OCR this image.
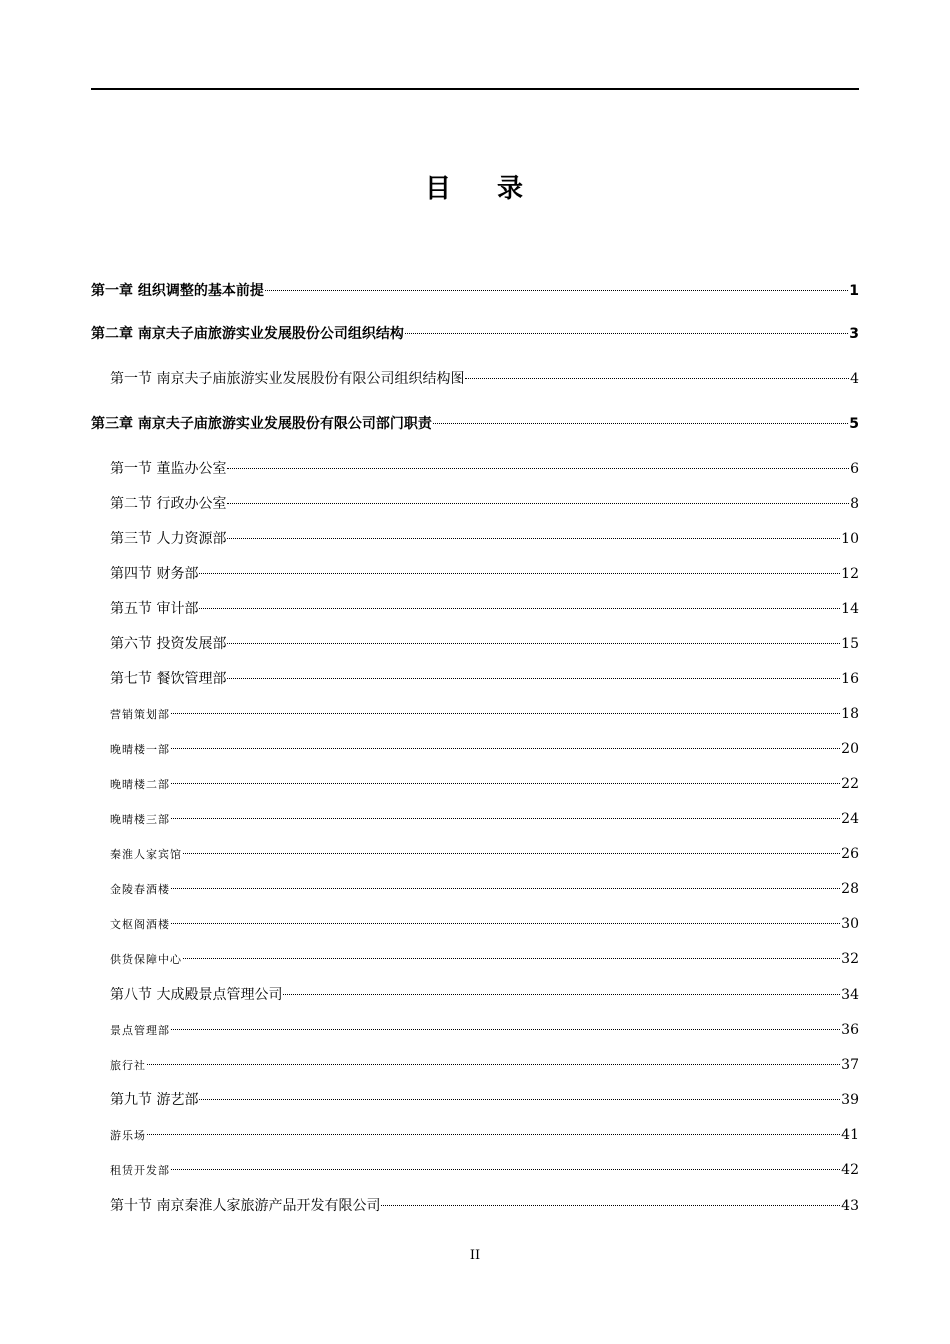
目 录
第一章 组织调整的基本前提	1
第二章 南京夫子庙旅游实业发展股份公司组织结构	3
第一节 南京夫子庙旅游实业发展股份有限公司组织结构图	4
第三章 南京夫子庙旅游实业发展股份有限公司部门职责	5
第一节 董监办公室	6
第二节 行政办公室	8
第三节 人力资源部	10
第四节 财务部	12
第五节 审计部	14
第六节 投资发展部	15
第七节 餐饮管理部	16
营销策划部	18
晚晴楼一部	20
晚晴楼二部	22
晚晴楼三部	24
秦淮人家宾馆	26
金陵春酒楼	28
文枢阁酒楼	30
供货保障中心	32
第八节 大成殿景点管理公司	34
景点管理部	36
旅行社	37
第九节 游艺部	39
游乐场	41
租赁开发部	42
第十节 南京秦淮人家旅游产品开发有限公司	43
II
